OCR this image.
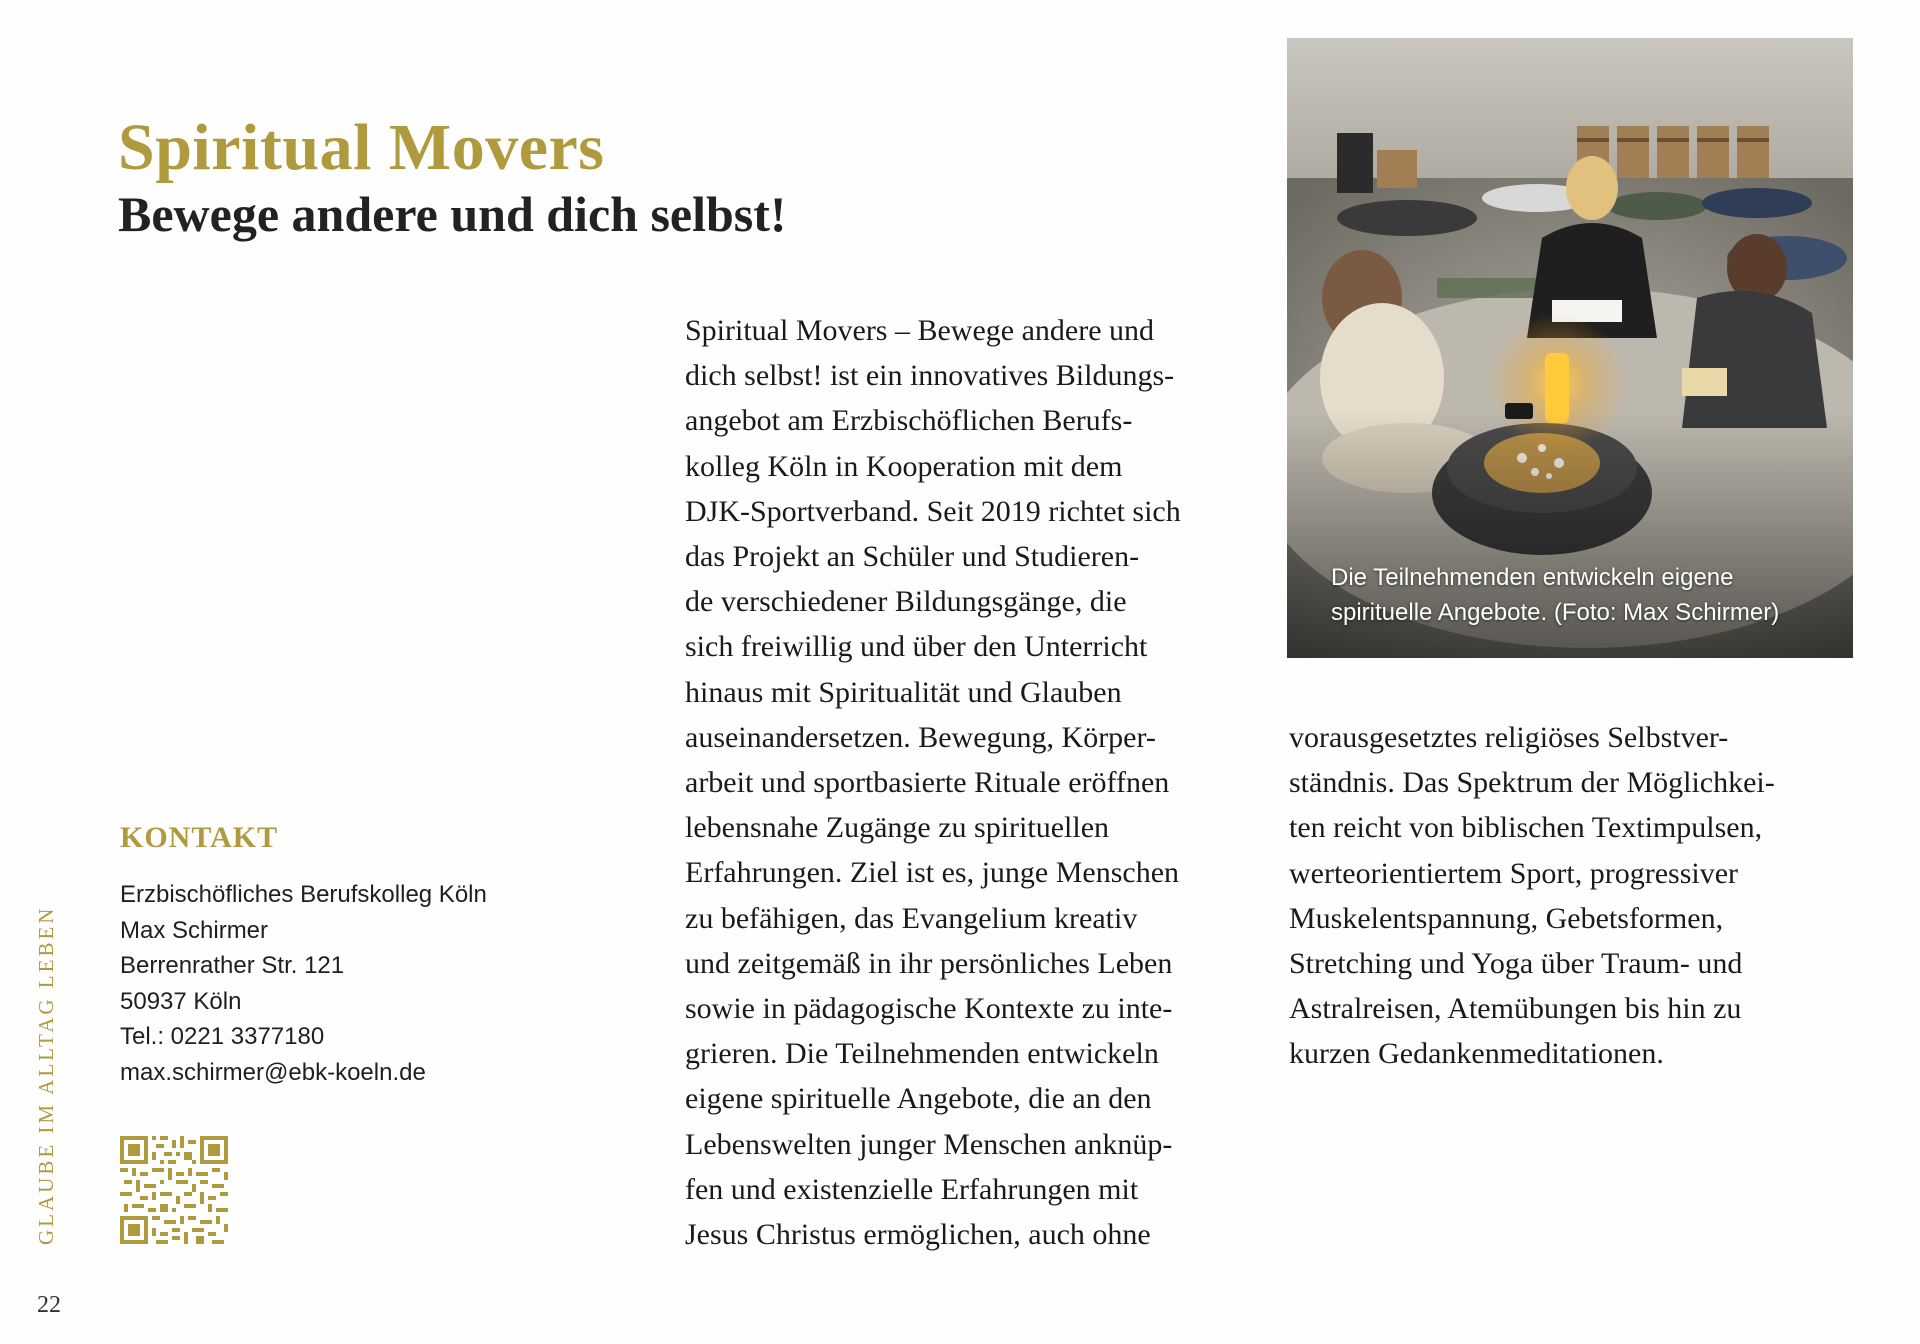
Spiritual Movers
Bewege andere und dich selbst!
GLAUBE IM ALLTAG LEBEN
22
KONTAKT
Erzbischöfliches Berufskolleg Köln
Max Schirmer
Berrenrather Str. 121
50937 Köln
Tel.: 0221 3377180
max.schirmer@ebk-koeln.de
Spiritual Movers – Bewege andere und
dich selbst! ist ein innovatives Bildungs-
angebot am Erzbischöflichen Berufs-
kolleg Köln in Kooperation mit dem
DJK-Sportverband. Seit 2019 richtet sich
das Projekt an Schüler und Studieren-
de verschiedener Bildungsgänge, die
sich freiwillig und über den Unterricht
hinaus mit Spiritualität und Glauben
auseinandersetzen. Bewegung, Körper-
arbeit und sportbasierte Rituale eröffnen
lebensnahe Zugänge zu spirituellen
Erfahrungen. Ziel ist es, junge Menschen
zu befähigen, das Evangelium kreativ
und zeitgemäß in ihr persönliches Leben
sowie in pädagogische Kontexte zu inte-
grieren. Die Teilnehmenden entwickeln
eigene spirituelle Angebote, die an den
Lebenswelten junger Menschen anknüp-
fen und existenzielle Erfahrungen mit
Jesus Christus ermöglichen, auch ohne
Die Teilnehmenden entwickeln eigene
spirituelle Angebote. (Foto: Max Schirmer)
vorausgesetztes religiöses Selbstver-
ständnis. Das Spektrum der Möglichkei-
ten reicht von biblischen Textimpulsen,
werteorientiertem Sport, progressiver
Muskelentspannung, Gebetsformen,
Stretching und Yoga über Traum- und
Astralreisen, Atemübungen bis hin zu
kurzen Gedankenmeditationen.
